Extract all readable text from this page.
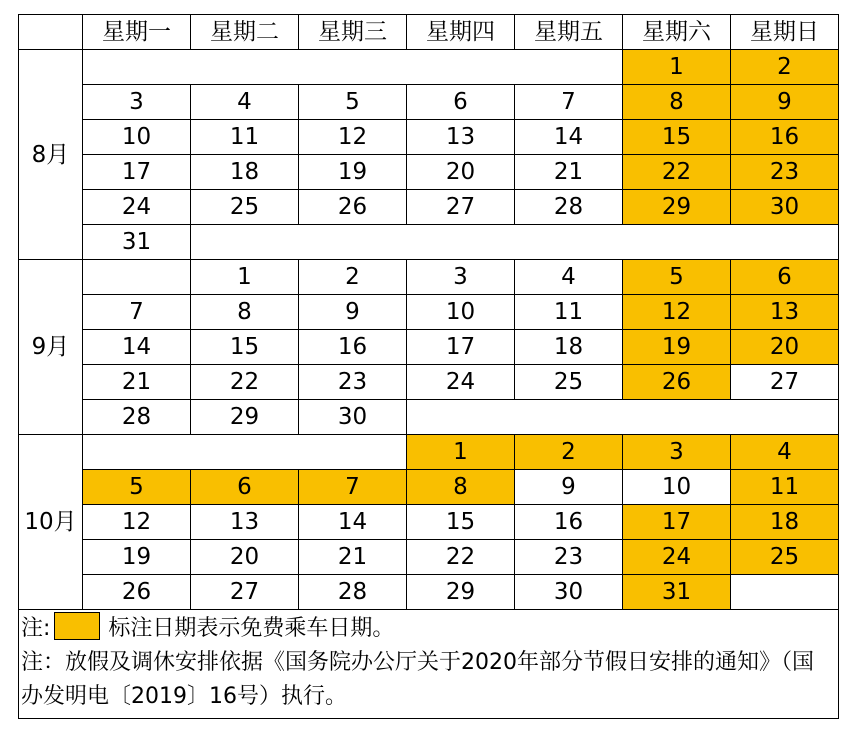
	星期一	星期二	星期三	星期四	星期五	星期六	星期日
8月						1	2
	3	4	5	6	7	8	9
	10	11	12	13	14	15	16
	17	18	19	20	21	22	23
	24	25	26	27	28	29	30
	31						
9月		1	2	3	4	5	6
	7	8	9	10	11	12	13
	14	15	16	17	18	19	20
	21	22	23	24	25	26	27
	28	29	30				
10月				1	2	3	4
	5	6	7	8	9	10	11
	12	13	14	15	16	17	18
	19	20	21	22	23	24	25
	26	27	28	29	30	31	

注: 标注日期表示免费乘车日期。
注：放假及调休安排依据《国务院办公厅关于2020年部分节假日安排的通知》（国办发明电〔2019〕16号）执行。							
